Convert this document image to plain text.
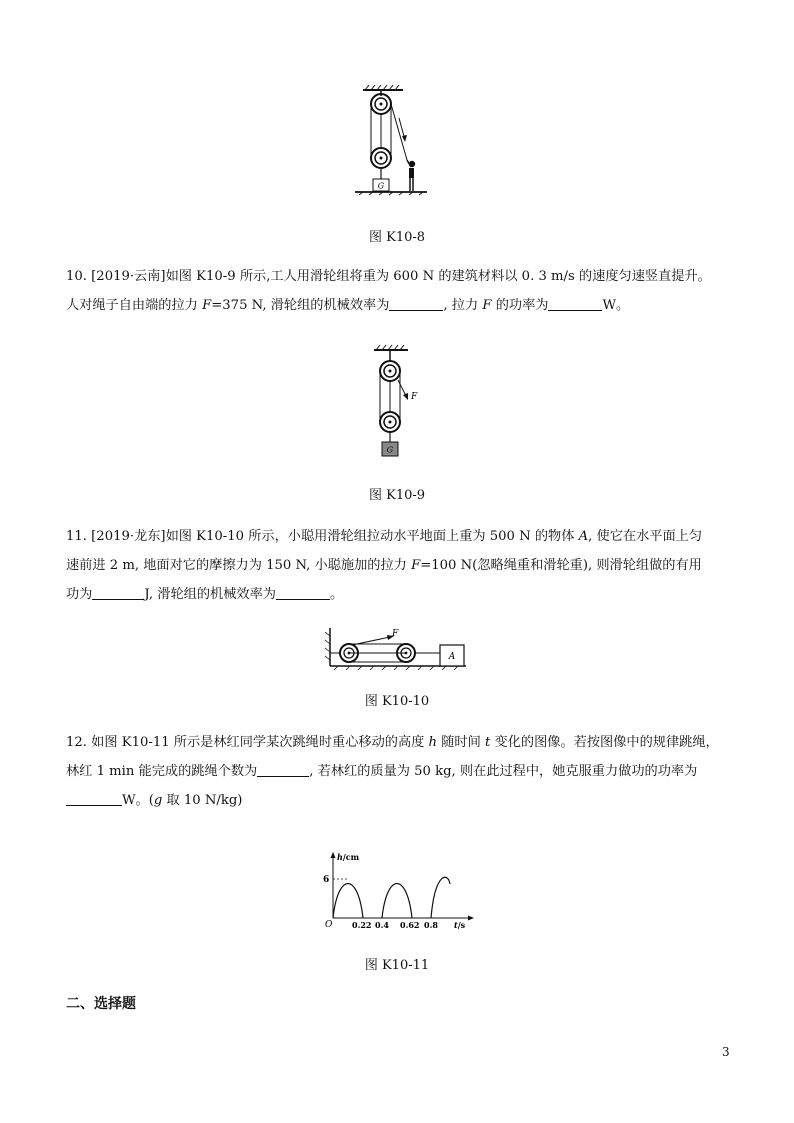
G
图 K10-8

10. [2019·云南]如图 K10-9 所示,工人用滑轮组将重为 600 N 的建筑材料以 0. 3 m/s 的速度匀速竖直提升。

人对绳子自由端的拉力 F=375 N, 滑轮组的机械效率为	, 拉力 F 的功率为	W。

F
G
图 K10-9

11. [2019·龙东]如图 K10-10 所示，小聪用滑轮组拉动水平地面上重为 500 N 的物体 A, 使它在水平面上匀

速前进 2 m, 地面对它的摩擦力为 150 N, 小聪施加的拉力 F=100 N(忽略绳重和滑轮重), 则滑轮组做的有用

功为	J, 滑轮组的机械效率为	。

F
A
图 K10-10

12. 如图 K10-11 所示是林红同学某次跳绳时重心移动的高度 h 随时间 t 变化的图像。若按图像中的规律跳绳，

林红 1 min 能完成的跳绳个数为	, 若林红的质量为 50 kg, 则在此过程中，她克服重力做功的功率为

W。(g 取 10 N/kg)

h/cm
O
6
0.22 0.4 0.62 0.8 t/s
图 K10-11
二、选择题
3
